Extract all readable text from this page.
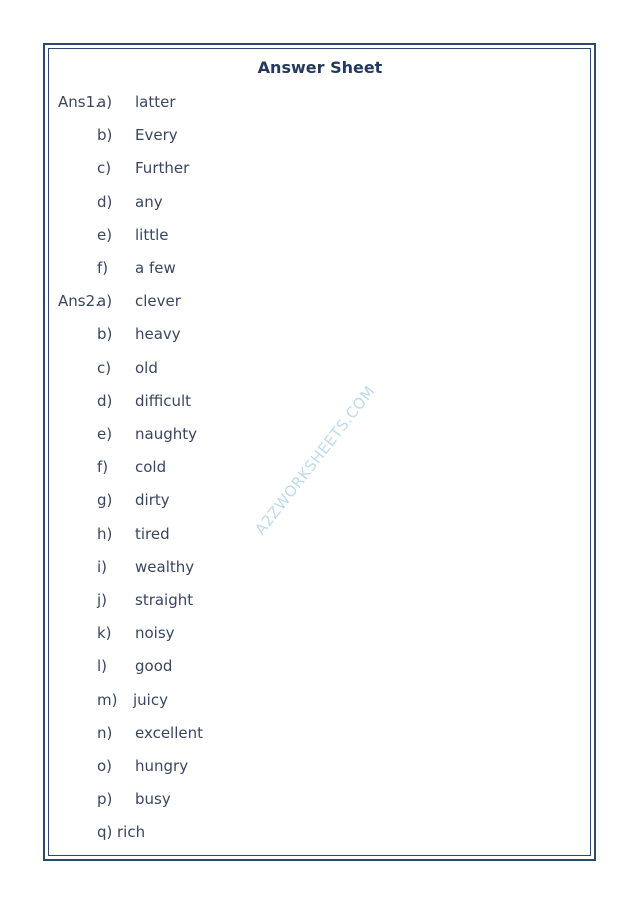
Answer Sheet
A2ZWORKSHEETS.COM
Ans1.
a) latter
b) Every
c) Further
d) any
e) little
f) a few
Ans2.
a) clever
b) heavy
c) old
d) difficult
e) naughty
f) cold
g) dirty
h) tired
i) wealthy
j) straight
k) noisy
l) good
m) juicy
n) excellent
o) hungry
p) busy
q) rich
